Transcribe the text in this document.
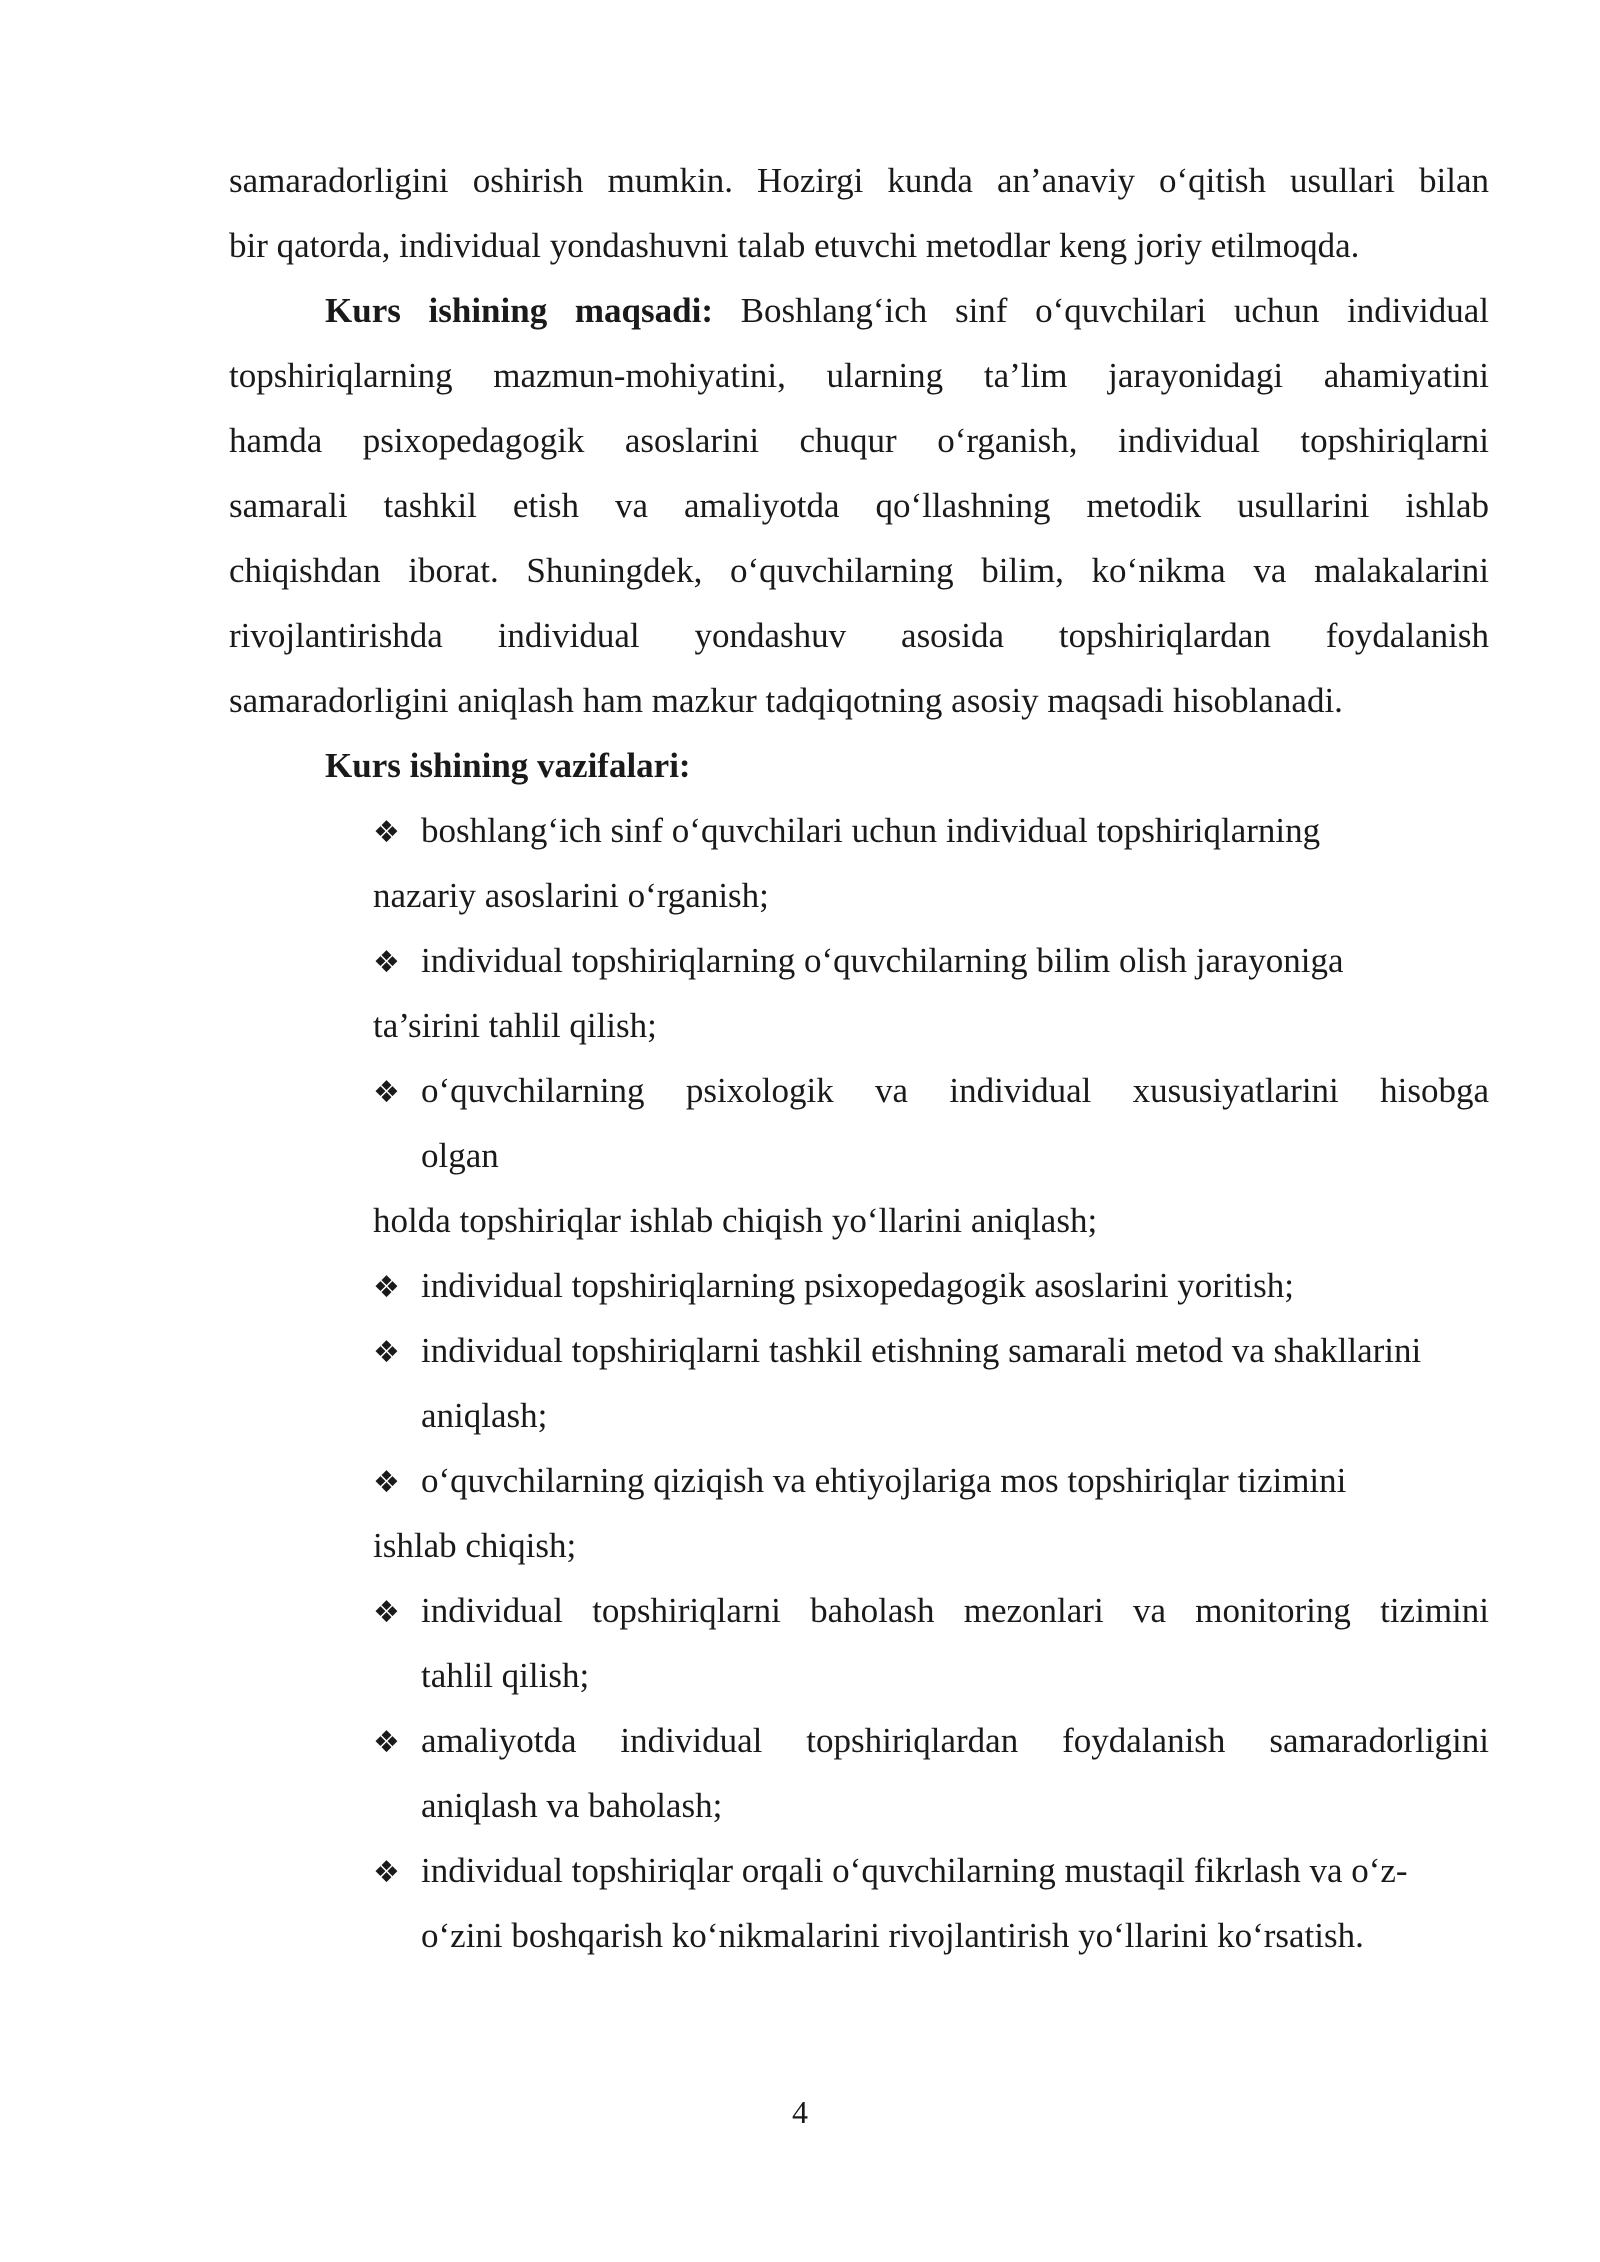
samaradorligini oshirish mumkin. Hozirgi kunda an’anaviy o‘qitish usullari bilan
bir qatorda, individual yondashuvni talab etuvchi metodlar keng joriy etilmoqda.
Kurs ishining maqsadi: Boshlang‘ich sinf o‘quvchilari uchun individual
topshiriqlarning mazmun-mohiyatini, ularning ta’lim jarayonidagi ahamiyatini
hamda psixopedagogik asoslarini chuqur o‘rganish, individual topshiriqlarni
samarali tashkil etish va amaliyotda qo‘llashning metodik usullarini ishlab
chiqishdan iborat. Shuningdek, o‘quvchilarning bilim, ko‘nikma va malakalarini
rivojlantirishda individual yondashuv asosida topshiriqlardan foydalanish
samaradorligini aniqlash ham mazkur tadqiqotning asosiy maqsadi hisoblanadi.
Kurs ishining vazifalari:
❖ boshlang‘ich sinf o‘quvchilari uchun individual topshiriqlarning
nazariy asoslarini o‘rganish;
❖ individual topshiriqlarning o‘quvchilarning bilim olish jarayoniga
ta’sirini tahlil qilish;
❖ o‘quvchilarning psixologik va individual xususiyatlarini hisobga
olgan
holda topshiriqlar ishlab chiqish yo‘llarini aniqlash;
❖ individual topshiriqlarning psixopedagogik asoslarini yoritish;
❖ individual topshiriqlarni tashkil etishning samarali metod va shakllarini
aniqlash;
❖ o‘quvchilarning qiziqish va ehtiyojlariga mos topshiriqlar tizimini
ishlab chiqish;
❖ individual topshiriqlarni baholash mezonlari va monitoring tizimini
tahlil qilish;
❖ amaliyotda individual topshiriqlardan foydalanish samaradorligini
aniqlash va baholash;
❖ individual topshiriqlar orqali o‘quvchilarning mustaqil fikrlash va o‘z-
o‘zini boshqarish ko‘nikmalarini rivojlantirish yo‘llarini ko‘rsatish.
4
